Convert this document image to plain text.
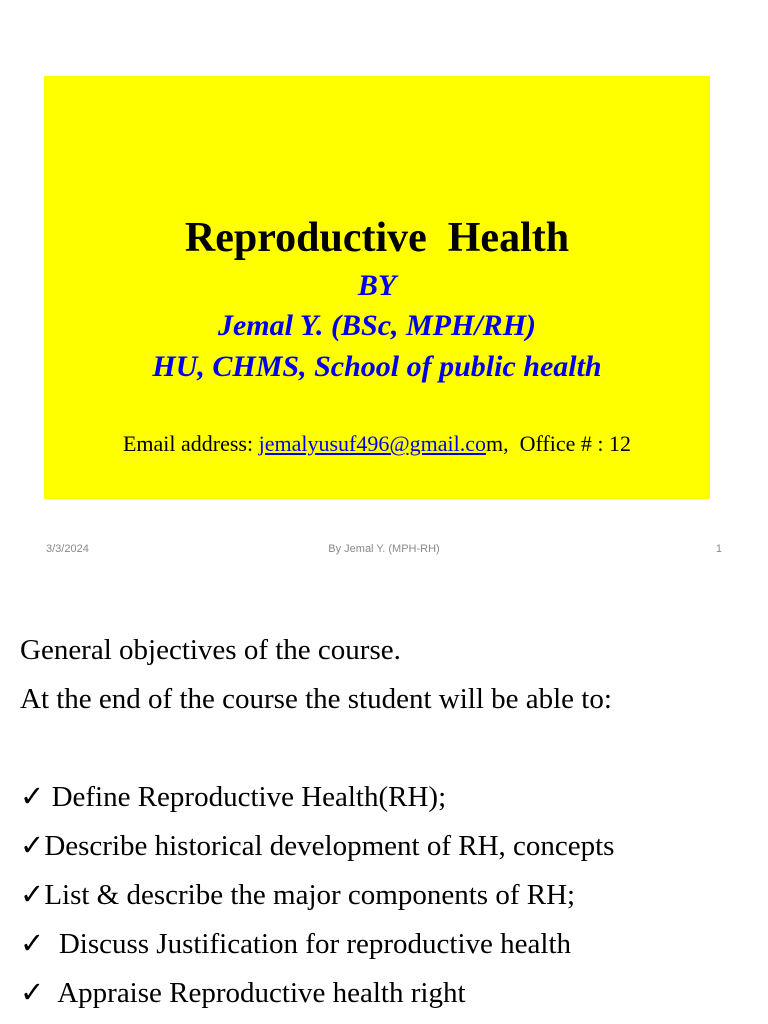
Reproductive  Health

BY

Jemal Y. (BSc, MPH/RH)

HU, CHMS, School of public health

Email address: jemalyusuf496@gmail.com,  Office # : 12

3/3/2024	By Jemal Y. (MPH-RH)	1

General objectives of the course.

At the end of the course the student will be able to:

✓ Define Reproductive Health(RH);

✓Describe historical development of RH, concepts

✓List & describe the major components of RH;

✓  Discuss Justification for reproductive health

✓  Appraise Reproductive health right
